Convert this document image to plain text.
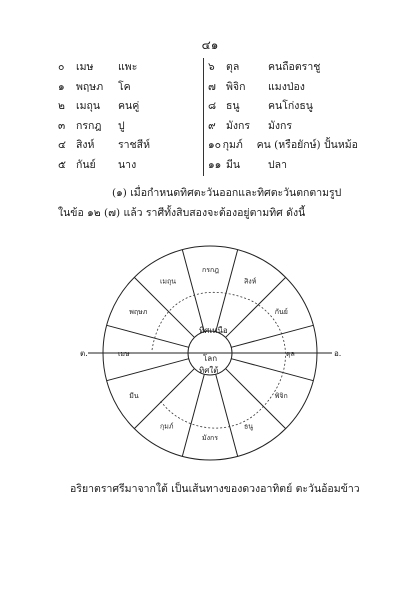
๔๑
๐	เมษ	แพะ
๑	พฤษภ	โค
๒	เมถุน	คนคู่
๓	กรกฎ	ปู
๔ สิงห์	ราชสีห์
๕ กันย์	นาง
๖	ตุล	คนถือตราชู
๗ พิจิก	แมงป่อง
๘ ธนู	คนโก่งธนู
๙ มังกร	มังกร
๑๐ กุมภ์	คน (หรือยักษ์) ปั้นหม้อ
๑๑ มีน	ปลา
(๑) เมื่อกำหนดทิศตะวันออกและทิศตะวันตกตามรูป
ในข้อ ๑๒ (๗) แล้ว ราศีทั้งสิบสองจะต้องอยู่ตามทิศ ดังนี้
ต.	อ.
ทิศเหนือ
โลก
ทิศใต้
เมษ
พฤษภ
เมถุน
กรกฎ
สิงห์
กันย์
ตุล
พิจิก
ธนู
มังกร
กุมภ์
มีน
อริยาตราศรีมาจากใต้ เป็นเส้นทางของดวงอาทิตย์ ตะวันอ้อมข้าว
